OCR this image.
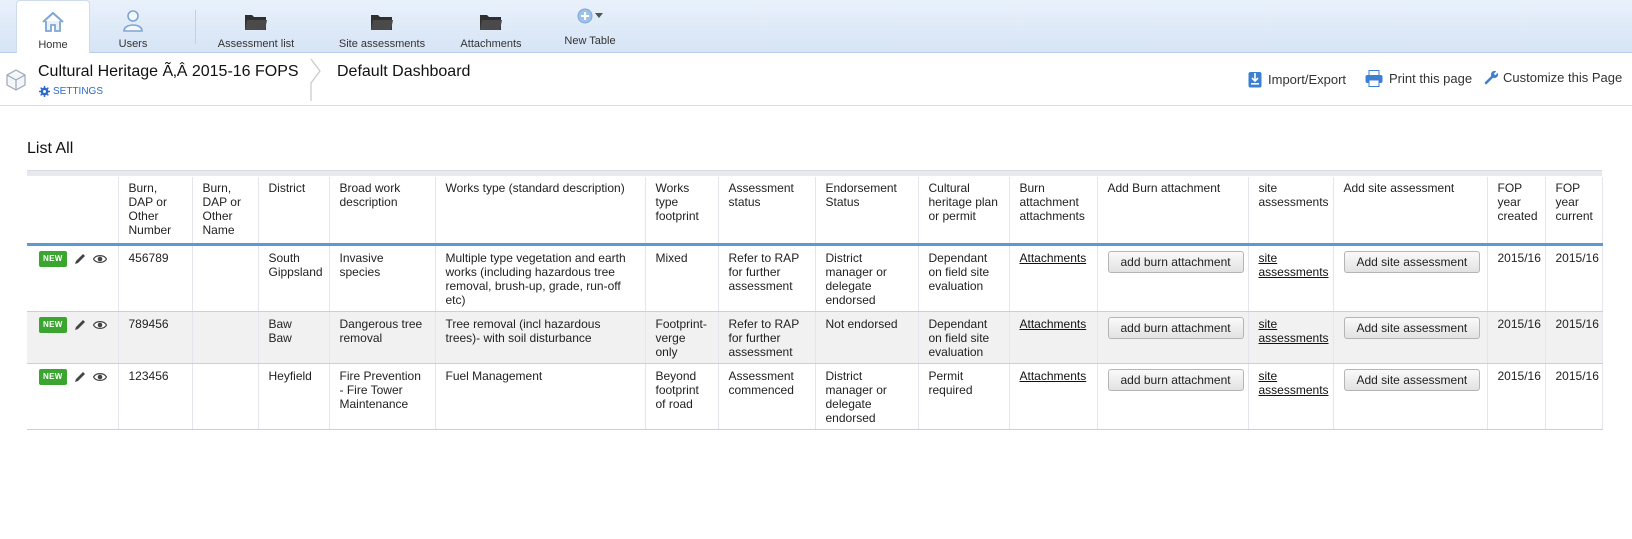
Home	Users	Assessment list	Site assessments	Attachments	New Table
Cultural Heritage Ã‚Â 2015-16 FOPS
SETTINGS
Default Dashboard	Import/Export	Print this page Customize this Page
List All
	Burn, DAP or Other Number	Burn, DAP or Other Name	District	Broad work description	Works type (standard description)	Works type footprint	Assessment status	Endorsement Status	Cultural heritage plan or permit	Burn attachment attachments	Add Burn attachment	site assessments	Add site assessment	FOP year created	FOP year current

NEW	456789		South Gippsland	Invasive species	Multiple type vegetation and earth works (including hazardous tree removal, brush-up, grade, run-off etc)	Mixed	Refer to RAP for further assessment	District manager or delegate endorsed	Dependant on field site evaluation	Attachments	add burn attachment	site assessments	Add site assessment	2015/16	2015/16

NEW	789456		Baw Baw	Dangerous tree removal	Tree removal (incl hazardous trees)- with soil disturbance	Footprint- verge only	Refer to RAP for further assessment	Not endorsed	Dependant on field site evaluation	Attachments	add burn attachment	site assessments	Add site assessment	2015/16	2015/16

NEW	123456		Heyfield	Fire Prevention - Fire Tower Maintenance	Fuel Management	Beyond footprint of road	Assessment commenced	District manager or delegate endorsed	Permit required	Attachments	add burn attachment	site assessments	Add site assessment	2015/16	2015/16
